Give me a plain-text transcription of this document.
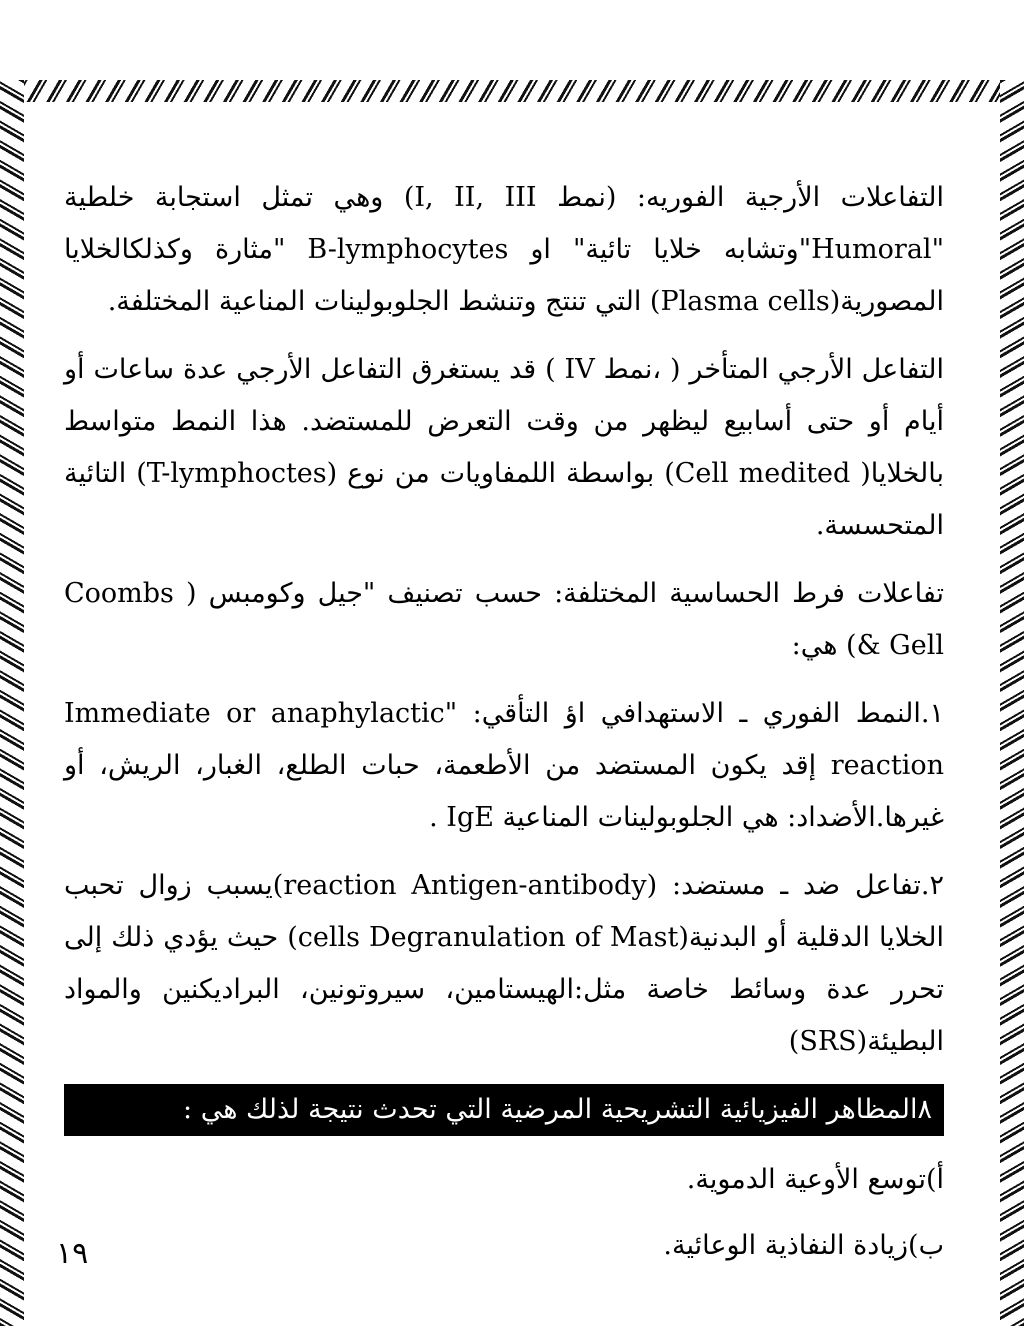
التفاعلات الأرجية الفوريه: (نمط I, II, III) وهي تمثل استجابة خلطية "Humoral"وتشابه خلايا تائية" او B-lymphocytes "مثارة وكذلكالخلايا المصورية(Plasma cells) التي تنتج وتنشط الجلوبولينات المناعية المختلفة.

التفاعل الأرجي المتأخر ( ،نمط IV ) قد يستغرق التفاعل الأرجي عدة ساعات أو أيام أو حتى أسابيع ليظهر من وقت التعرض للمستضد. هذا النمط متواسط بالخلايا( Cell medited) بواسطة اللمفاويات من نوع (T-lymphoctes) التائية المتحسسة.

تفاعلات فرط الحساسية المختلفة: حسب تصنيف "جيل وكومبس ( Coombs & Gell) هي:

١.النمط الفوري ـ الاستهدافي اؤ التأقي: "Immediate or anaphylactic reaction إقد يكون المستضد من الأطعمة، حبات الطلع، الغبار، الريش، أو غيرها.الأضداد: هي الجلوبولينات المناعية IgE .

٢.تفاعل ضد ـ مستضد: (reaction Antigen-antibody)يسبب زوال تحبب الخلايا الدقلية أو البدنية(cells Degranulation of Mast) حيث يؤدي ذلك إلى تحرر عدة وسائط خاصة مثل:الهيستامين، سيروتونين، البراديكنين والمواد البطيئة(SRS)

٨المظاهر الفيزيائية التشريحية المرضية التي تحدث نتيجة لذلك هي :

أ)توسع الأوعية الدموية.

ب)زيادة النفاذية الوعائية.

١٩
